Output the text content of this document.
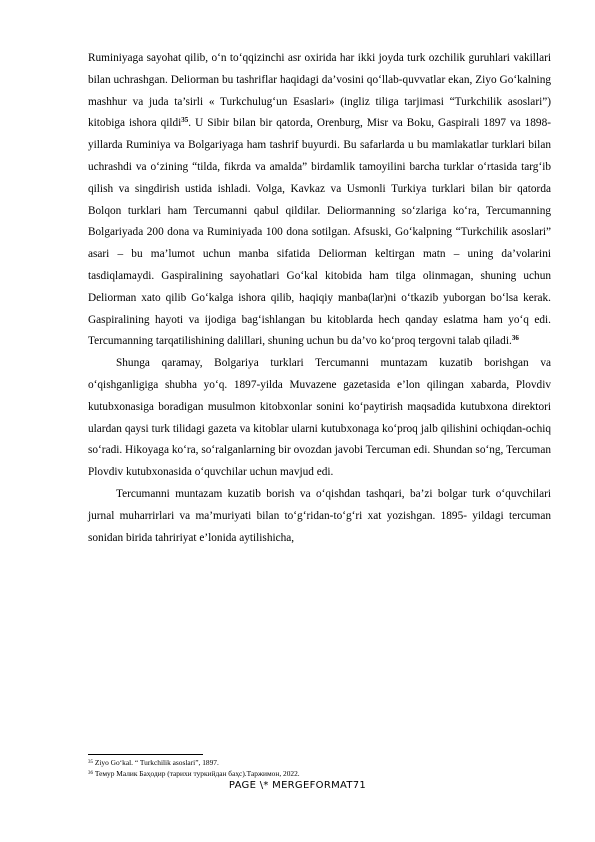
Ruminiyaga sayohat qilib, o‘n to‘qqizinchi asr oxirida har ikki joyda turk ozchilik guruhlari vakillari bilan uchrashgan. Deliorman bu tashriflar haqidagi da’vosini qo‘llab-quvvatlar ekan, Ziyo Go‘kalning mashhur va juda ta’sirli « Turkchulug‘un Esaslari» (ingliz tiliga tarjimasi “Turkchilik asoslari”) kitobiga ishora qildi$^{35}$. U Sibir bilan bir qatorda, Orenburg, Misr va Boku, Gaspirali 1897 va 1898-yillarda Ruminiya va Bolgariyaga ham tashrif buyurdi. Bu safarlarda u bu mamlakatlar turklari bilan uchrashdi va o‘zining “tilda, fikrda va amalda” birdamlik tamoyilini barcha turklar o‘rtasida targ‘ib qilish va singdirish ustida ishladi. Volga, Kavkaz va Usmonli Turkiya turklari bilan bir qatorda Bolqon turklari ham Tercumanni qabul qildilar. Deliormanning so‘zlariga ko‘ra, Tercumanning Bolgariyada 200 dona va Ruminiyada 100 dona sotilgan. Afsuski, Go‘kalpning “Turkchilik asoslari” asari – bu ma’lumot uchun manba sifatida Deliorman keltirgan matn – uning da’volarini tasdiqlamaydi. Gaspiralining sayohatlari Go‘kal kitobida ham tilga olinmagan, shuning uchun Deliorman xato qilib Go‘kalga ishora qilib, haqiqiy manba(lar)ni o‘tkazib yuborgan bo‘lsa kerak. Gaspiralining hayoti va ijodiga bag‘ishlangan bu kitoblarda hech qanday eslatma ham yo‘q edi. Tercumanning tarqatilishining dalillari, shuning uchun bu da’vo ko‘proq tergovni talab qiladi.$^{36}$

Shunga qaramay, Bolgariya turklari Tercumanni muntazam kuzatib borishgan va o‘qishganligiga shubha yo‘q. 1897-yilda Muvazene gazetasida e’lon qilingan xabarda, Plovdiv kutubxonasiga boradigan musulmon kitobxonlar sonini ko‘paytirish maqsadida kutubxona direktori ulardan qaysi turk tilidagi gazeta va kitoblar ularni kutubxonaga ko‘proq jalb qilishini ochiqdan-ochiq so‘radi. Hikoyaga ko‘ra, so‘ralganlarning bir ovozdan javobi Tercuman edi. Shundan so‘ng, Tercuman Plovdiv kutubxonasida o‘quvchilar uchun mavjud edi.

Tercumanni muntazam kuzatib borish va o‘qishdan tashqari, ba’zi bolgar turk o‘quvchilari jurnal muharrirlari va ma’muriyati bilan to‘g‘ridan-to‘g‘ri xat yozishgan. 1895- yildagi tercuman sonidan birida tahririyat e’lonida aytilishicha,

$^{35}$ Ziyo Go‘kal. “ Turkchilik asoslari”, 1897.
$^{36}$ Темур Малик Баҳодир (тарихи туркийдан баҳс).Таржимон, 2022.
PAGE \* MERGEFORMAT71
